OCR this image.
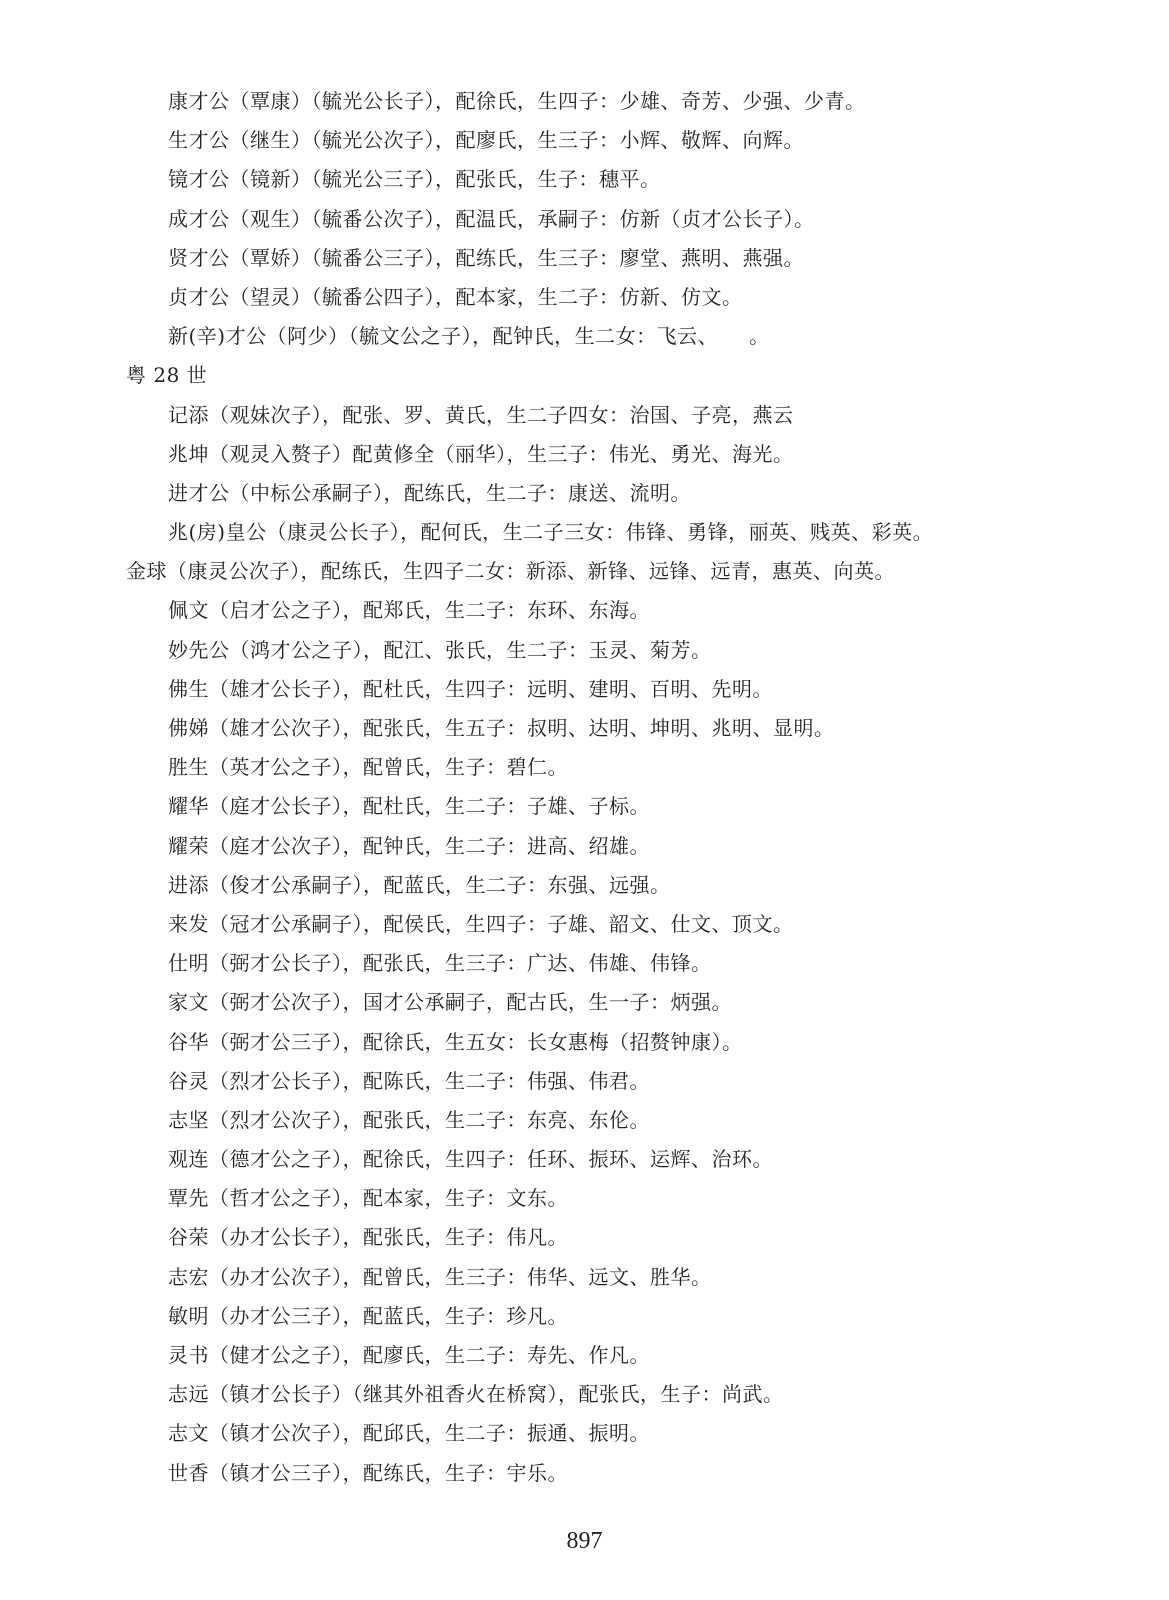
康才公（覃康）（毓光公长子），配徐氏，生四子：少雄、奇芳、少强、少青。
生才公（继生）（毓光公次子），配廖氏，生三子：小辉、敬辉、向辉。
镜才公（镜新）（毓光公三子），配张氏，生子：穗平。
成才公（观生）（毓番公次子），配温氏，承嗣子：仿新（贞才公长子）。
贤才公（覃娇）（毓番公三子），配练氏，生三子：廖堂、燕明、燕强。
贞才公（望灵）（毓番公四子），配本家，生二子：仿新、仿文。
新(辛)才公（阿少）（毓文公之子），配钟氏，生二女：飞云、　　。
粤 28 世
记添（观妹次子），配张、罗、黄氏，生二子四女：治国、子亮，燕云
兆坤（观灵入赘子）配黄修全（丽华），生三子：伟光、勇光、海光。
进才公（中标公承嗣子），配练氏，生二子：康送、流明。
兆(房)皇公（康灵公长子），配何氏，生二子三女：伟锋、勇锋，丽英、贱英、彩英。
金球（康灵公次子），配练氏，生四子二女：新添、新锋、远锋、远青，惠英、向英。
佩文（启才公之子），配郑氏，生二子：东环、东海。
妙先公（鸿才公之子），配江、张氏，生二子：玉灵、菊芳。
佛生（雄才公长子），配杜氏，生四子：远明、建明、百明、先明。
佛娣（雄才公次子），配张氏，生五子：叔明、达明、坤明、兆明、显明。
胜生（英才公之子），配曾氏，生子：碧仁。
耀华（庭才公长子），配杜氏，生二子：子雄、子标。
耀荣（庭才公次子），配钟氏，生二子：进高、绍雄。
进添（俊才公承嗣子），配蓝氏，生二子：东强、远强。
来发（冠才公承嗣子），配侯氏，生四子：子雄、韶文、仕文、顶文。
仕明（弼才公长子），配张氏，生三子：广达、伟雄、伟锋。
家文（弼才公次子），国才公承嗣子，配古氏，生一子：炳强。
谷华（弼才公三子），配徐氏，生五女：长女惠梅（招赘钟康）。
谷灵（烈才公长子），配陈氏，生二子：伟强、伟君。
志坚（烈才公次子），配张氏，生二子：东亮、东伦。
观连（德才公之子），配徐氏，生四子：任环、振环、运辉、治环。
覃先（哲才公之子），配本家，生子：文东。
谷荣（办才公长子），配张氏，生子：伟凡。
志宏（办才公次子），配曾氏，生三子：伟华、远文、胜华。
敏明（办才公三子），配蓝氏，生子：珍凡。
灵书（健才公之子），配廖氏，生二子：寿先、作凡。
志远（镇才公长子）（继其外祖香火在桥窝），配张氏，生子：尚武。
志文（镇才公次子），配邱氏，生二子：振通、振明。
世香（镇才公三子），配练氏，生子：宇乐。
897
